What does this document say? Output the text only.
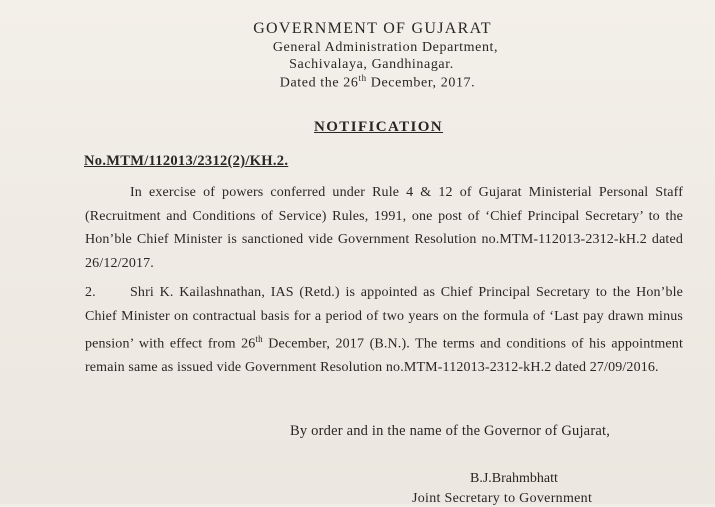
GOVERNMENT OF GUJARAT
General Administration Department,
Sachivalaya, Gandhinagar.
Dated the 26th December, 2017.
NOTIFICATION
No.MTM/112013/2312(2)/KH.2.
In exercise of powers conferred under Rule 4 & 12 of Gujarat Ministerial Personal Staff (Recruitment and Conditions of Service) Rules, 1991, one post of ‘Chief Principal Secretary’ to the Hon’ble Chief Minister is sanctioned vide Government Resolution no.MTM-112013-2312-kH.2 dated 26/12/2017.
2. Shri K. Kailashnathan, IAS (Retd.) is appointed as Chief Principal Secretary to the Hon’ble Chief Minister on contractual basis for a period of two years on the formula of ‘Last pay drawn minus pension’ with effect from 26th December, 2017 (B.N.). The terms and conditions of his appointment remain same as issued vide Government Resolution no.MTM-112013-2312-kH.2 dated 27/09/2016.
By order and in the name of the Governor of Gujarat,
B.J.Brahmbhatt
Joint Secretary to Government
